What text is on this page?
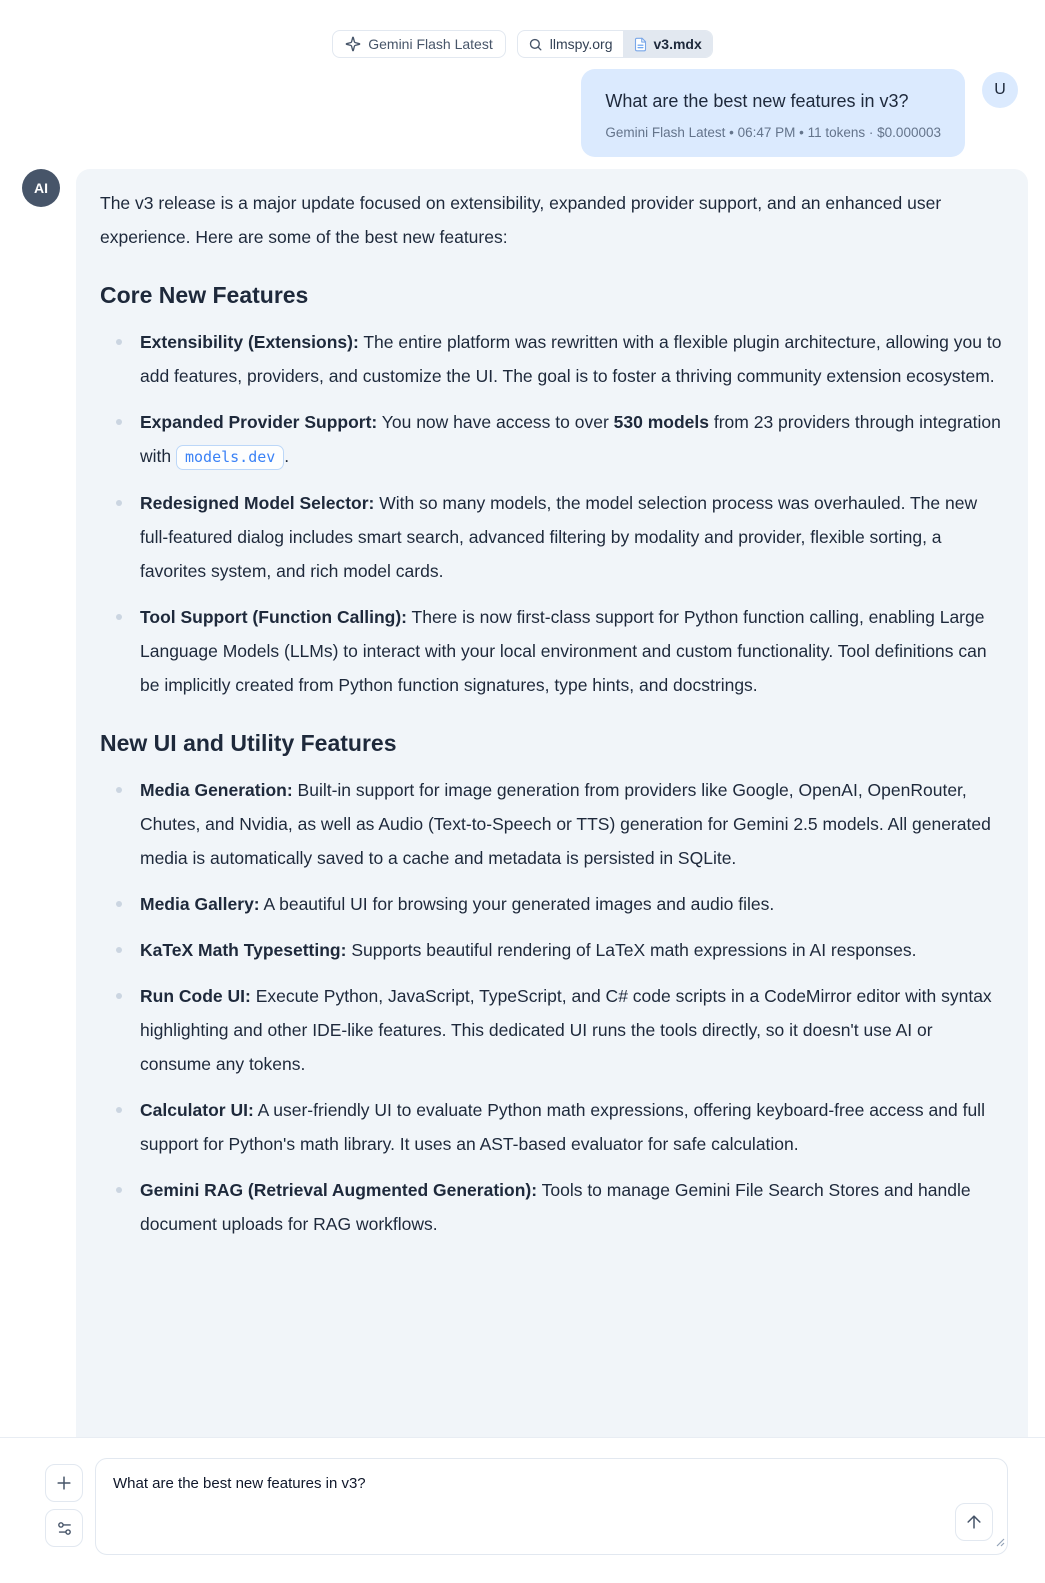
Gemini Flash Latest	llmspy.org	v3.mdx
What are the best new features in v3?
Gemini Flash Latest • 06:47 PM • 11 tokens · $0.000003
U
AI

The v3 release is a major update focused on extensibility, expanded provider support, and an enhanced user experience. Here are some of the best new features:

Core New Features
Extensibility (Extensions): The entire platform was rewritten with a flexible plugin architecture, allowing you to add features, providers, and customize the UI. The goal is to foster a thriving community extension ecosystem.
Expanded Provider Support: You now have access to over 530 models from 23 providers through integration with models.dev .
Redesigned Model Selector: With so many models, the model selection process was overhauled. The new full-featured dialog includes smart search, advanced filtering by modality and provider, flexible sorting, a favorites system, and rich model cards.
Tool Support (Function Calling): There is now first-class support for Python function calling, enabling Large Language Models (LLMs) to interact with your local environment and custom functionality. Tool definitions can be implicitly created from Python function signatures, type hints, and docstrings.
New UI and Utility Features
Media Generation: Built-in support for image generation from providers like Google, OpenAI, OpenRouter, Chutes, and Nvidia, as well as Audio (Text-to-Speech or TTS) generation for Gemini 2.5 models. All generated media is automatically saved to a cache and metadata is persisted in SQLite.
Media Gallery: A beautiful UI for browsing your generated images and audio files.
KaTeX Math Typesetting: Supports beautiful rendering of LaTeX math expressions in AI responses.
Run Code UI: Execute Python, JavaScript, TypeScript, and C# code scripts in a CodeMirror editor with syntax highlighting and other IDE-like features. This dedicated UI runs the tools directly, so it doesn't use AI or consume any tokens.
Calculator UI: A user-friendly UI to evaluate Python math expressions, offering keyboard-free access and full support for Python's math library. It uses an AST-based evaluator for safe calculation.
Gemini RAG (Retrieval Augmented Generation): Tools to manage Gemini File Search Stores and handle document uploads for RAG workflows.
What are the best new features in v3?
